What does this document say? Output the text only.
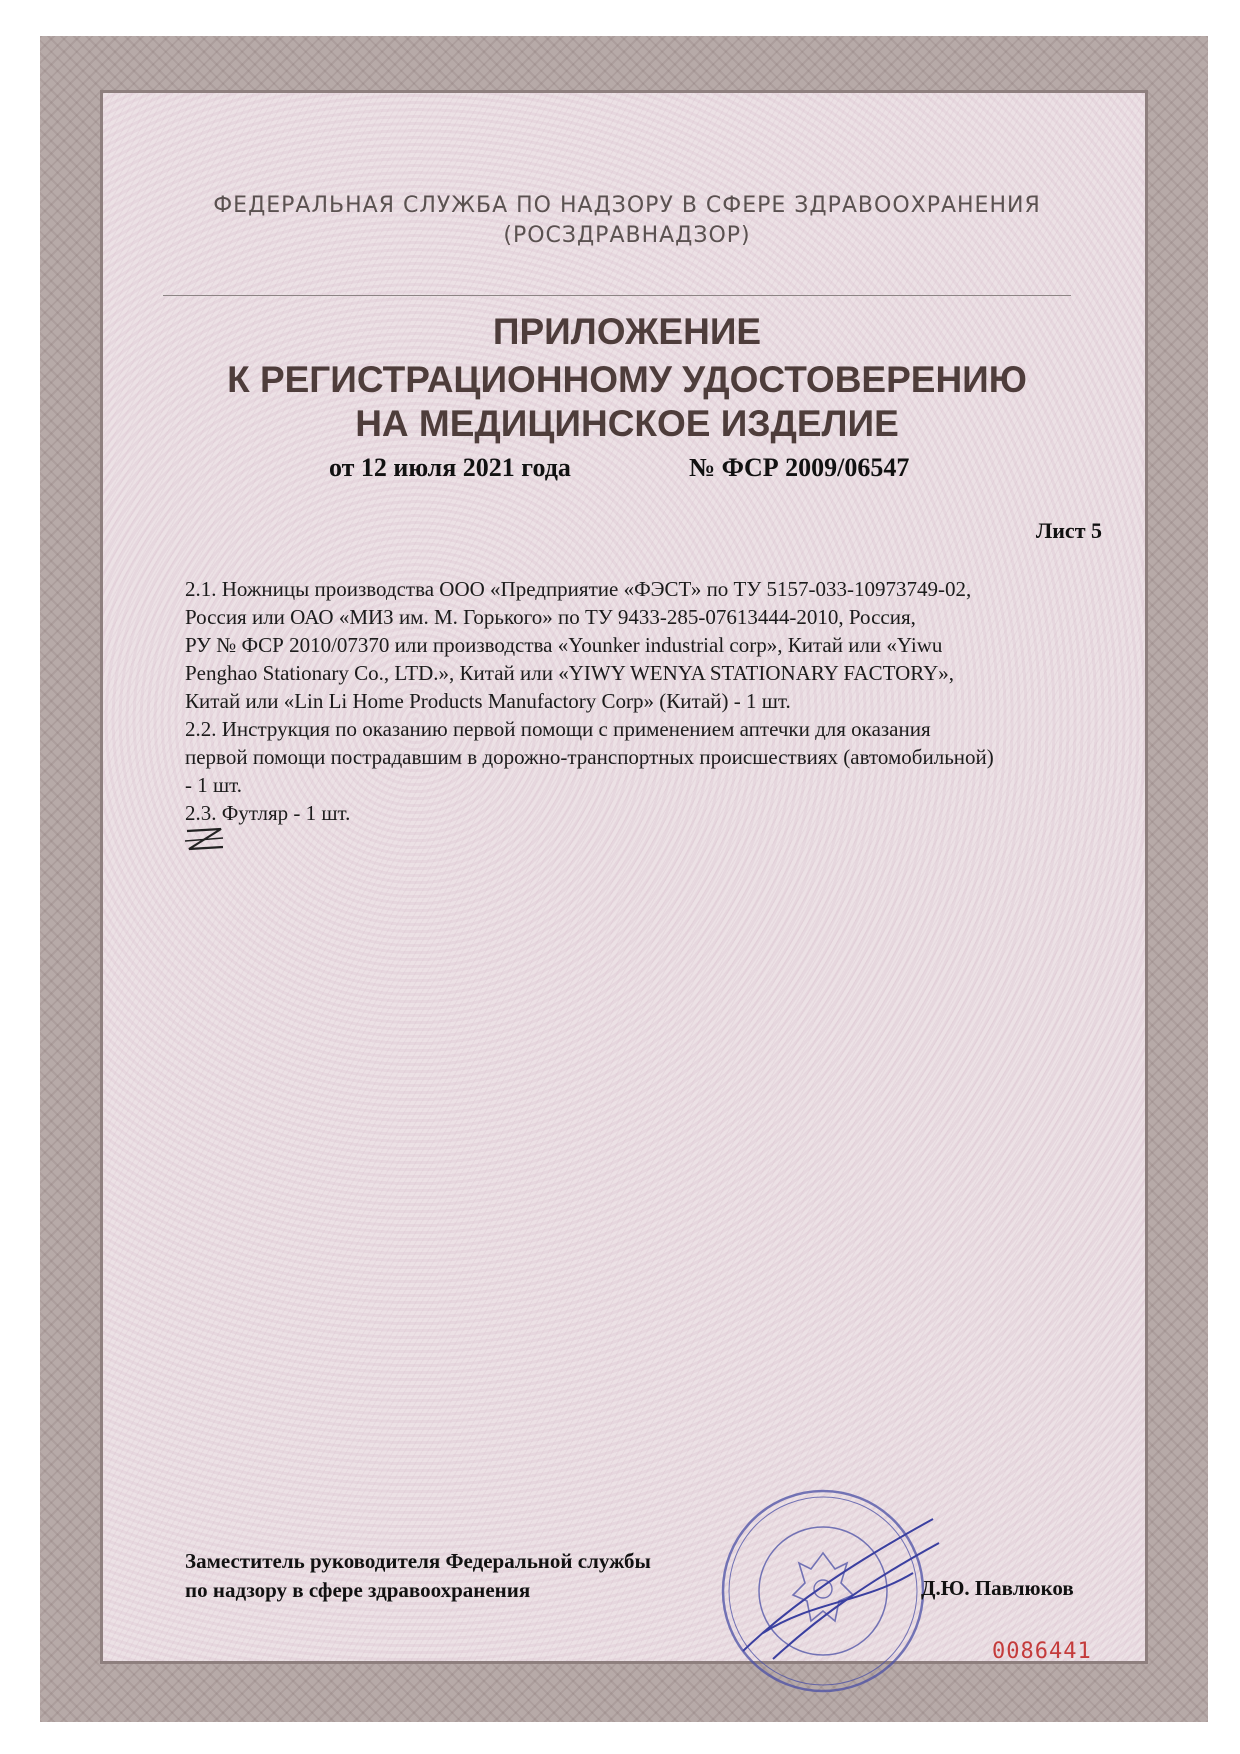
ФЕДЕРАЛЬНАЯ СЛУЖБА ПО НАДЗОРУ В СФЕРЕ ЗДРАВООХРАНЕНИЯ

(РОСЗДРАВНАДЗОР)

ПРИЛОЖЕНИЕ

К РЕГИСТРАЦИОННОМУ УДОСТОВЕРЕНИЮ

НА МЕДИЦИНСКОЕ ИЗДЕЛИЕ

от 12 июля 2021 года	№ ФСР 2009/06547

Лист 5

2.1. Ножницы производства ООО «Предприятие «ФЭСТ» по ТУ 5157-033-10973749-02,

Россия или ОАО «МИЗ им. М. Горького» по ТУ 9433-285-07613444-2010, Россия,

РУ № ФСР 2010/07370 или производства «Younker industrial corp», Китай или «Yiwu

Penghao Stationary Co., LTD.», Китай или «YIWY WENYA STATIONARY FACTORY»,

Китай или «Lin Li Home Products Manufactory Corp» (Китай) - 1 шт.

2.2. Инструкция по оказанию первой помощи с применением аптечки для оказания

первой помощи пострадавшим в дорожно-транспортных происшествиях (автомобильной)

- 1 шт.

2.3. Футляр - 1 шт.

Заместитель руководителя Федеральной службы

по надзору в сфере здравоохранения	Д.Ю. Павлюков

0086441
